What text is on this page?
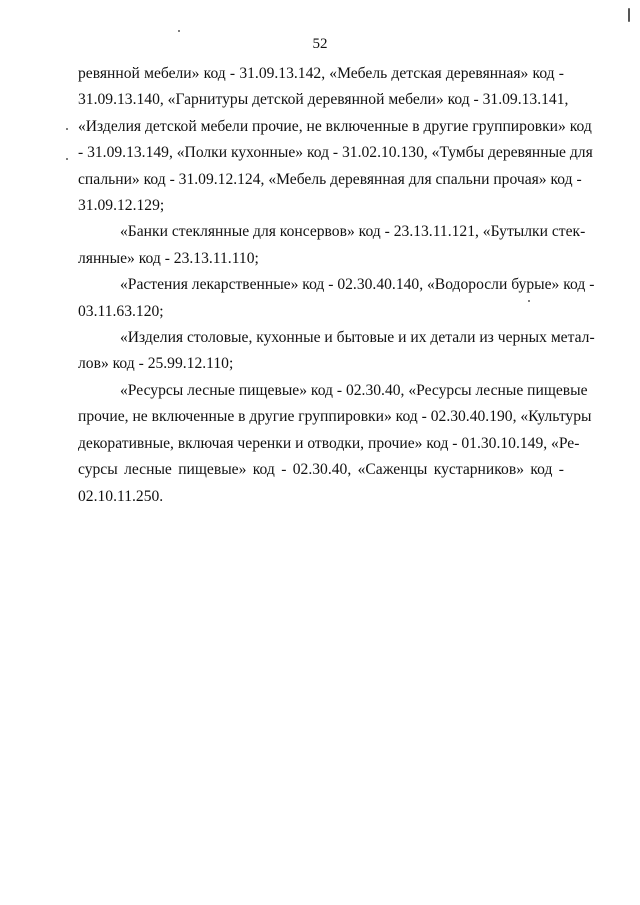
52
ревянной мебели» код - 31.09.13.142, «Мебель детская деревянная» код -
31.09.13.140, «Гарнитуры детской деревянной мебели» код - 31.09.13.141,
«Изделия детской мебели прочие, не включенные в другие группировки» код
- 31.09.13.149, «Полки кухонные» код - 31.02.10.130, «Тумбы деревянные для
спальни» код - 31.09.12.124, «Мебель деревянная для спальни прочая» код -
31.09.12.129;
«Банки стеклянные для консервов» код - 23.13.11.121, «Бутылки стек-
лянные» код - 23.13.11.110;
«Растения лекарственные» код - 02.30.40.140, «Водоросли бурые» код -
03.11.63.120;
«Изделия столовые, кухонные и бытовые и их детали из черных метал-
лов» код - 25.99.12.110;
«Ресурсы лесные пищевые» код - 02.30.40, «Ресурсы лесные пищевые
прочие, не включенные в другие группировки» код - 02.30.40.190, «Культуры
декоративные, включая черенки и отводки, прочие» код - 01.30.10.149, «Ре-
сурсы лесные пищевые» код - 02.30.40, «Саженцы кустарников» код -
02.10.11.250.
